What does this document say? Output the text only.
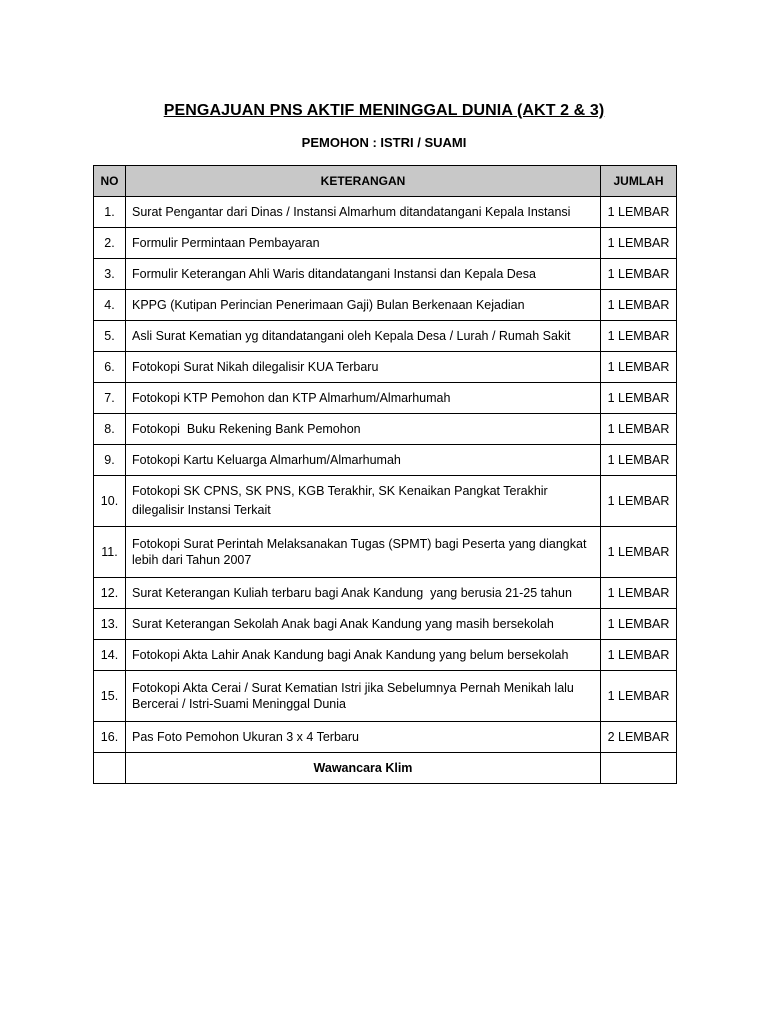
PENGAJUAN PNS AKTIF MENINGGAL DUNIA (AKT 2 & 3)
PEMOHON : ISTRI / SUAMI
NO	KETERANGAN	JUMLAH
1.	Surat Pengantar dari Dinas / Instansi Almarhum ditandatangani Kepala Instansi	1 LEMBAR
2.	Formulir Permintaan Pembayaran	1 LEMBAR
3.	Formulir Keterangan Ahli Waris ditandatangani Instansi dan Kepala Desa	1 LEMBAR
4.	KPPG (Kutipan Perincian Penerimaan Gaji) Bulan Berkenaan Kejadian	1 LEMBAR
5.	Asli Surat Kematian yg ditandatangani oleh Kepala Desa / Lurah / Rumah Sakit	1 LEMBAR
6.	Fotokopi Surat Nikah dilegalisir KUA Terbaru	1 LEMBAR
7.	Fotokopi KTP Pemohon dan KTP Almarhum/Almarhumah	1 LEMBAR
8.	Fotokopi  Buku Rekening Bank Pemohon	1 LEMBAR
9.	Fotokopi Kartu Keluarga Almarhum/Almarhumah	1 LEMBAR
10.	Fotokopi SK CPNS, SK PNS, KGB Terakhir, SK Kenaikan Pangkat Terakhir dilegalisir Instansi Terkait	1 LEMBAR
11.	Fotokopi Surat Perintah Melaksanakan Tugas (SPMT) bagi Peserta yang diangkat lebih dari Tahun 2007	1 LEMBAR
12.	Surat Keterangan Kuliah terbaru bagi Anak Kandung  yang berusia 21-25 tahun	1 LEMBAR
13.	Surat Keterangan Sekolah Anak bagi Anak Kandung yang masih bersekolah	1 LEMBAR
14.	Fotokopi Akta Lahir Anak Kandung bagi Anak Kandung yang belum bersekolah	1 LEMBAR
15.	Fotokopi Akta Cerai / Surat Kematian Istri jika Sebelumnya Pernah Menikah lalu Bercerai / Istri-Suami Meninggal Dunia	1 LEMBAR
16.	Pas Foto Pemohon Ukuran 3 x 4 Terbaru	2 LEMBAR
	Wawancara Klim	
